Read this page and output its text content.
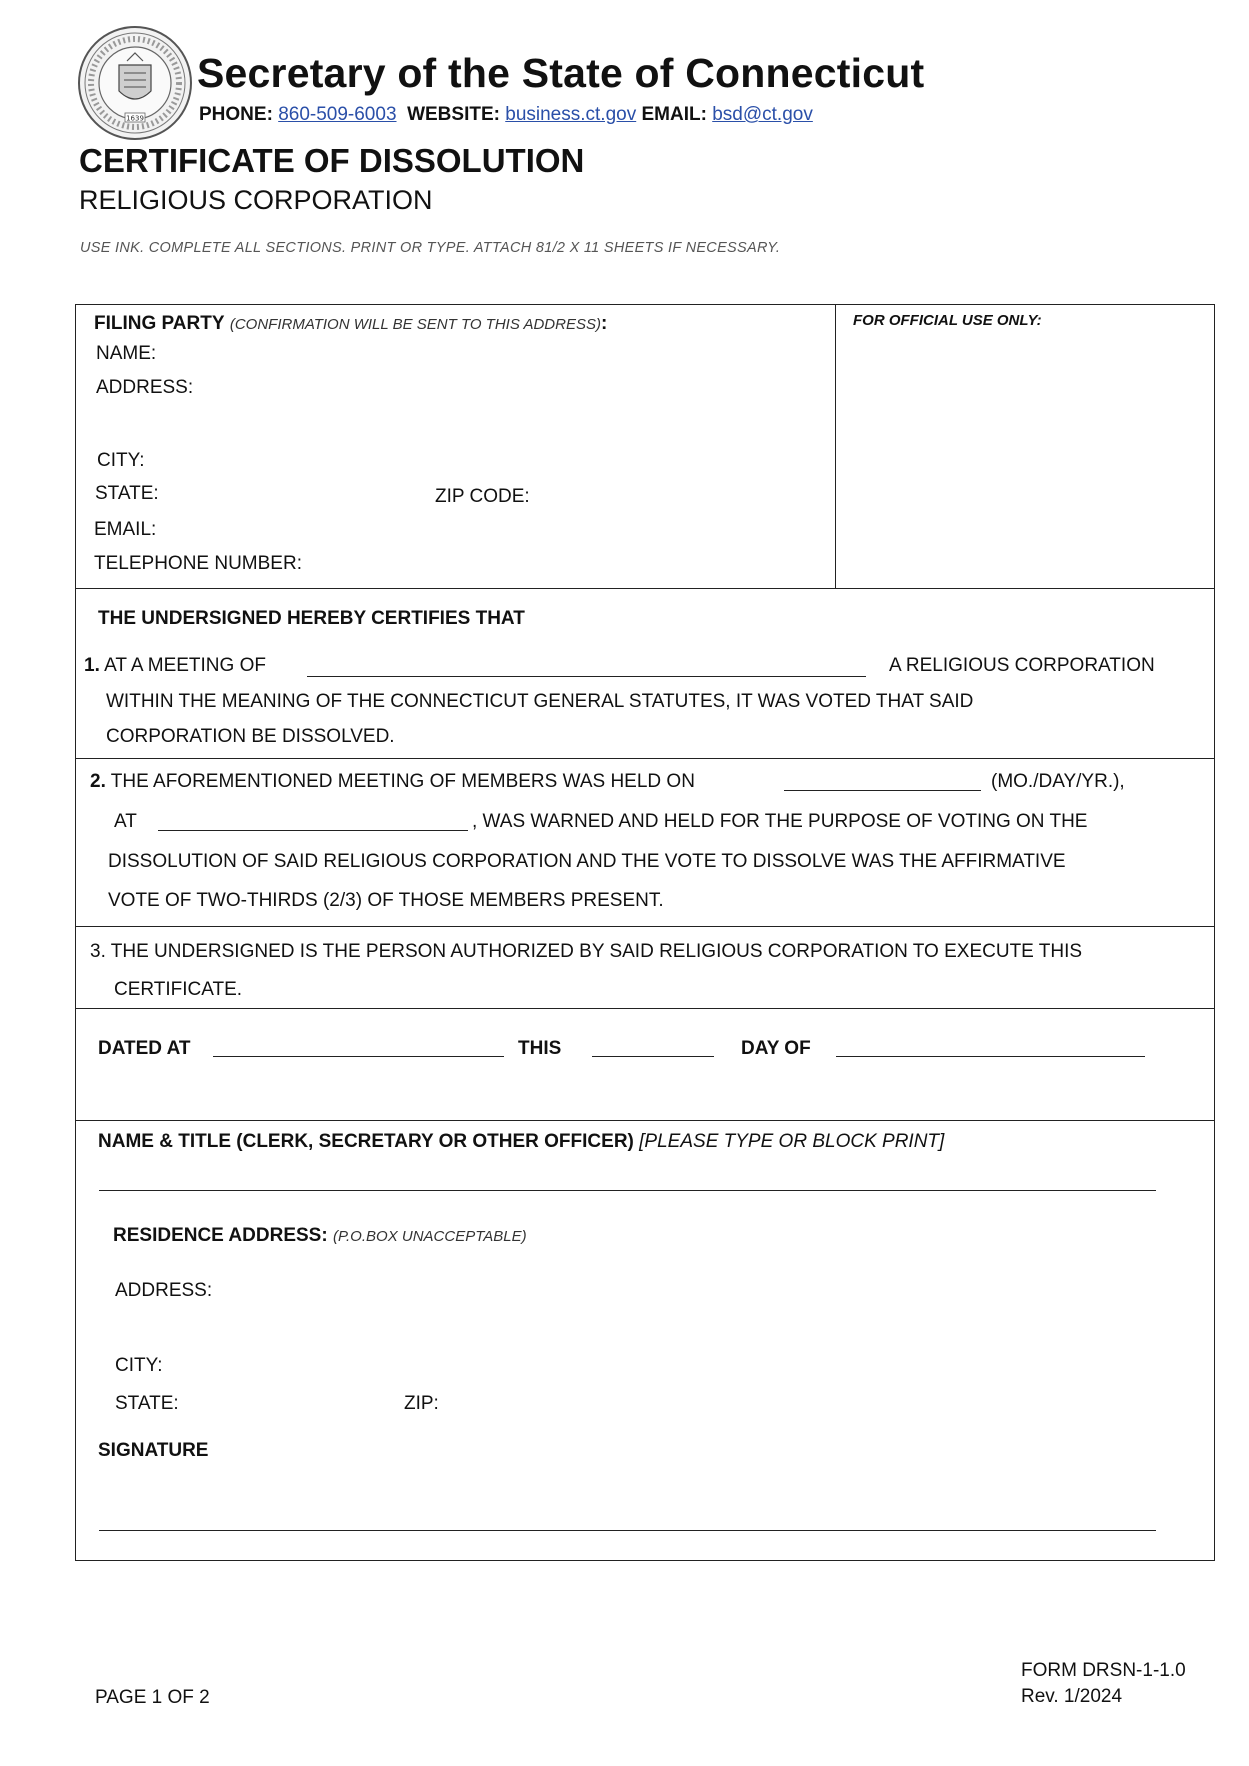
1639
Secretary of the State of Connecticut
PHONE: 860-509-6003 WEBSITE: business.ct.gov EMAIL: bsd@ct.gov
CERTIFICATE OF DISSOLUTION
RELIGIOUS CORPORATION
USE INK. COMPLETE ALL SECTIONS. PRINT OR TYPE. ATTACH 81/2 X 11 SHEETS IF NECESSARY.
FILING PARTY (CONFIRMATION WILL BE SENT TO THIS ADDRESS):
NAME:
ADDRESS:
CITY:
STATE:	ZIP CODE:
EMAIL:
TELEPHONE NUMBER:
FOR OFFICIAL USE ONLY:
THE UNDERSIGNED HEREBY CERTIFIES THAT
1. AT A MEETING OF	A RELIGIOUS CORPORATION
WITHIN THE MEANING OF THE CONNECTICUT GENERAL STATUTES, IT WAS VOTED THAT SAID
CORPORATION BE DISSOLVED.
2. THE AFOREMENTIONED MEETING OF MEMBERS WAS HELD ON	(MO./DAY/YR.),
AT	, WAS WARNED AND HELD FOR THE PURPOSE OF VOTING ON THE
DISSOLUTION OF SAID RELIGIOUS CORPORATION AND THE VOTE TO DISSOLVE WAS THE AFFIRMATIVE
VOTE OF TWO-THIRDS (2/3) OF THOSE MEMBERS PRESENT.
3. THE UNDERSIGNED IS THE PERSON AUTHORIZED BY SAID RELIGIOUS CORPORATION TO EXECUTE THIS
CERTIFICATE.
DATED AT	THIS	DAY OF
NAME & TITLE (CLERK, SECRETARY OR OTHER OFFICER) [PLEASE TYPE OR BLOCK PRINT]
RESIDENCE ADDRESS: (P.O.BOX UNACCEPTABLE)
ADDRESS:
CITY:
STATE:	ZIP:
SIGNATURE
PAGE 1 OF 2
FORM DRSN-1-1.0
Rev. 1/2024
